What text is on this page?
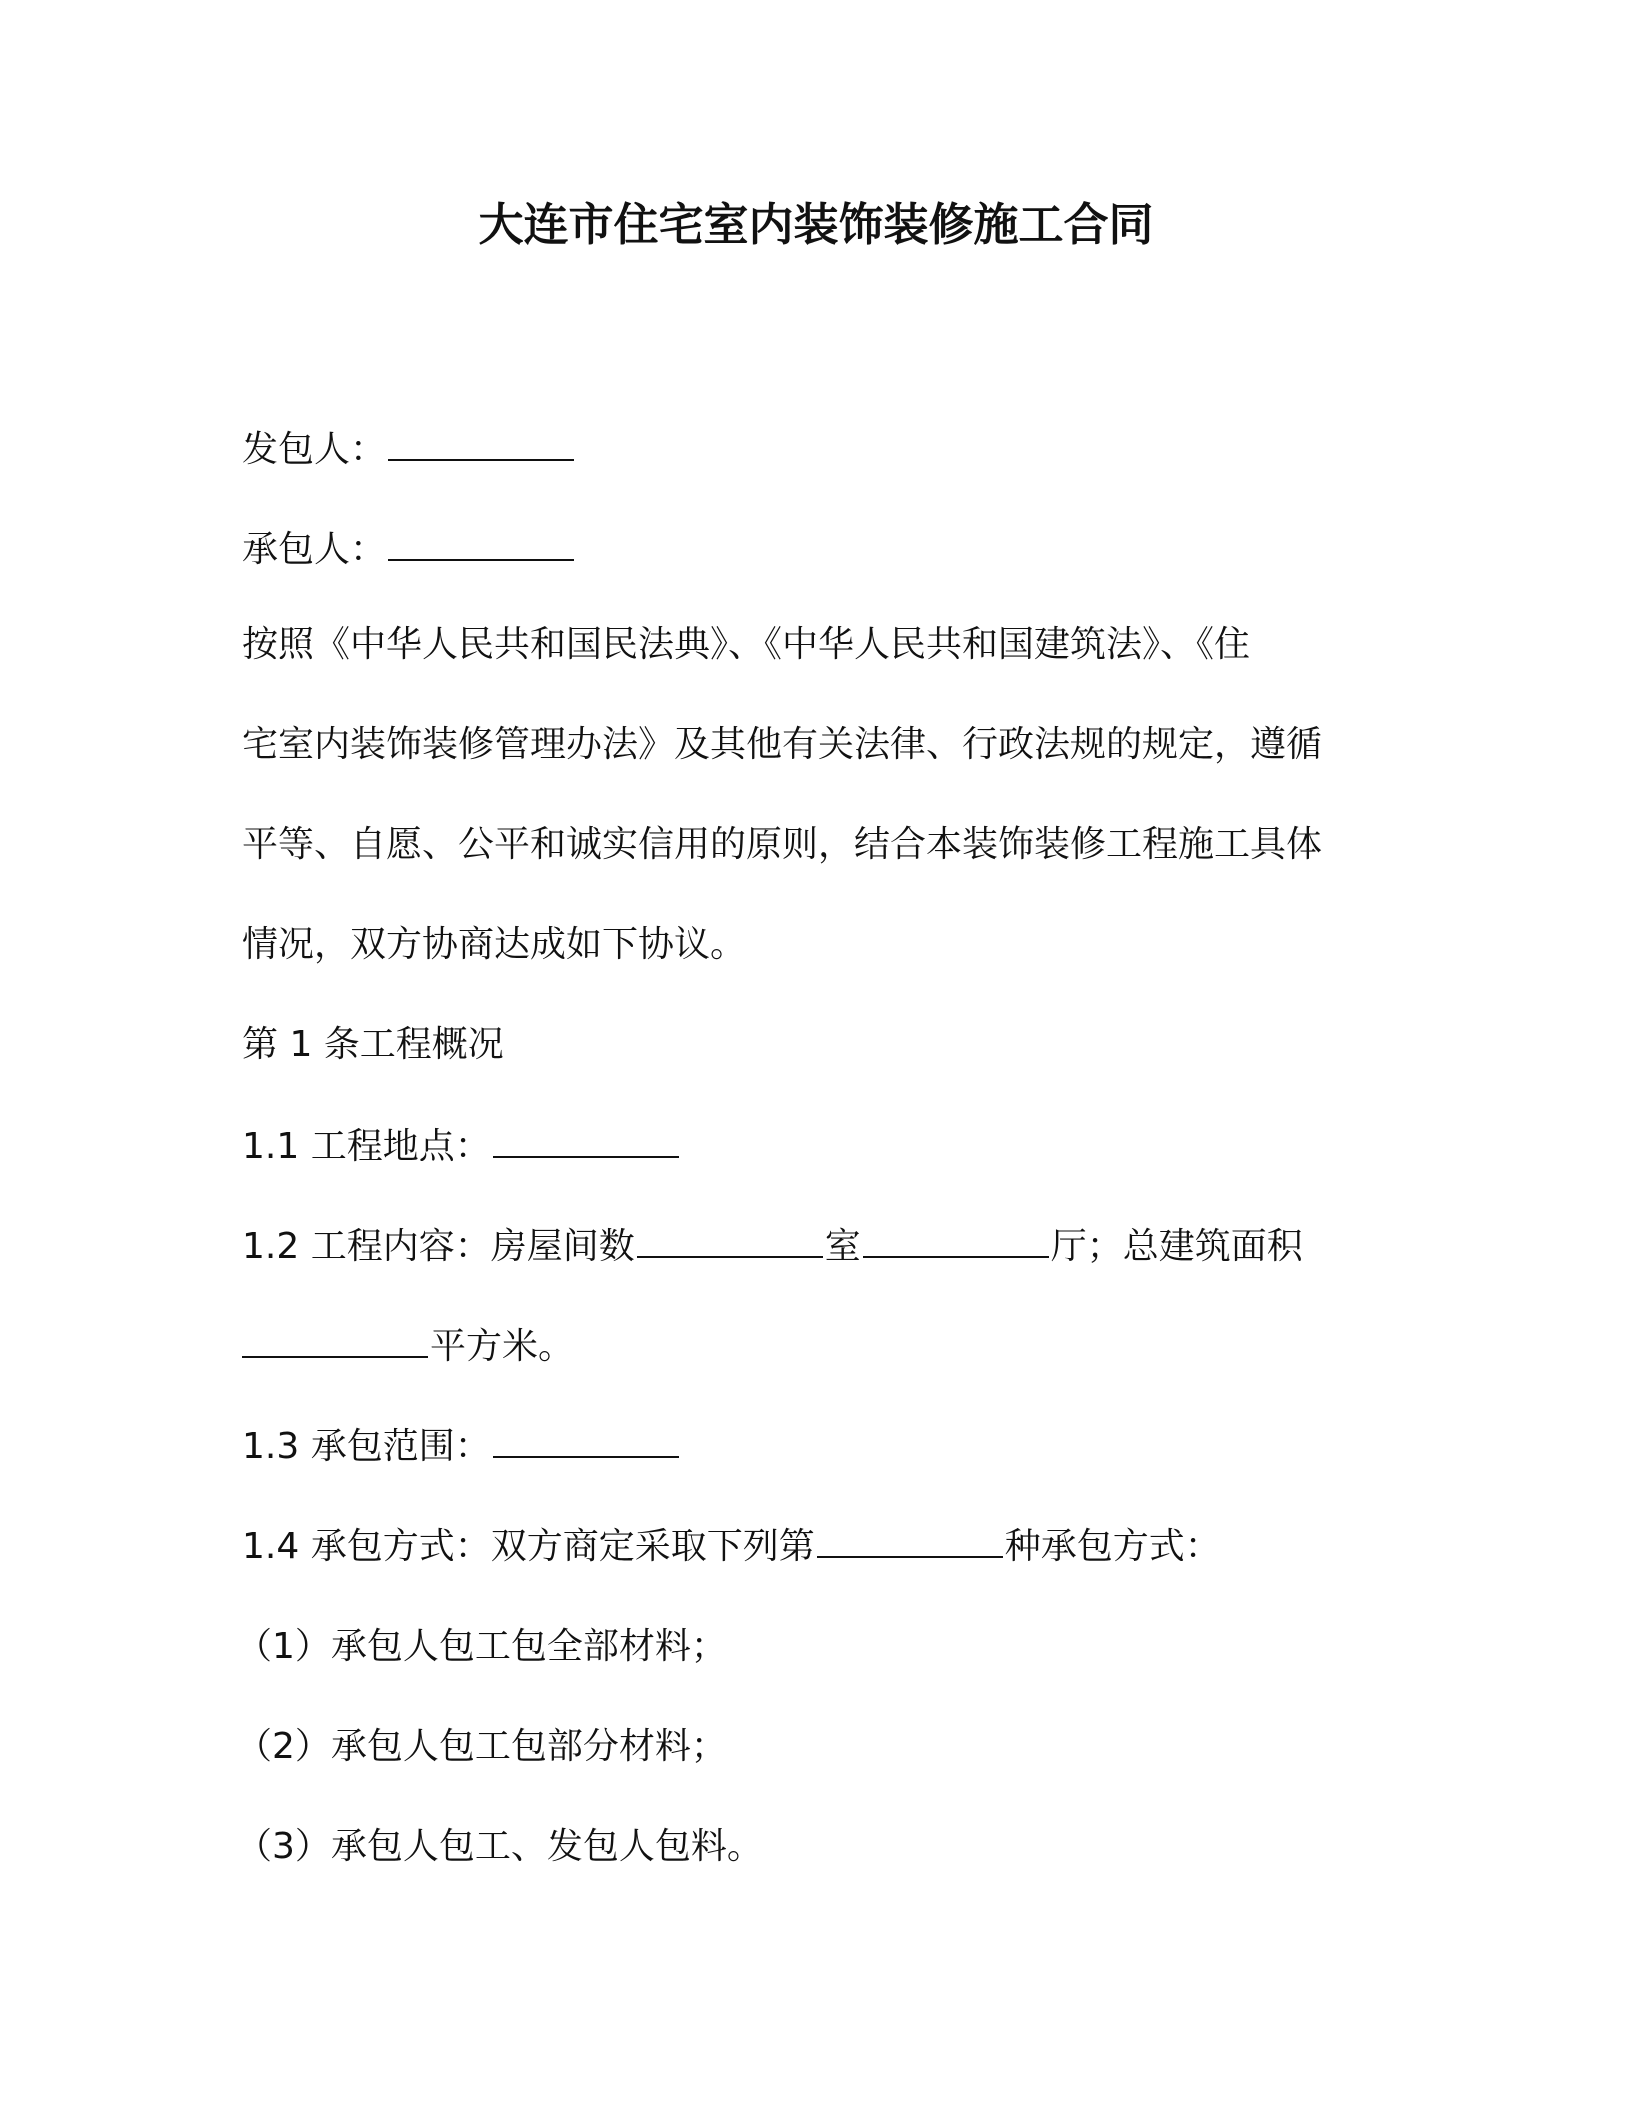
大连市住宅室内装饰装修施工合同
发包人：
承包人：
按照《中华人民共和国民法典》、《中华人民共和国建筑法》、《住
宅室内装饰装修管理办法》及其他有关法律、行政法规的规定，遵循
平等、自愿、公平和诚实信用的原则，结合本装饰装修工程施工具体
情况，双方协商达成如下协议。
第 1 条工程概况
1.1 工程地点：
1.2 工程内容：房屋间数	室	厅；总建筑面积
平方米。
1.3 承包范围：
1.4 承包方式：双方商定采取下列第	种承包方式：
（1）承包人包工包全部材料；
（2）承包人包工包部分材料；
（3）承包人包工、发包人包料。
